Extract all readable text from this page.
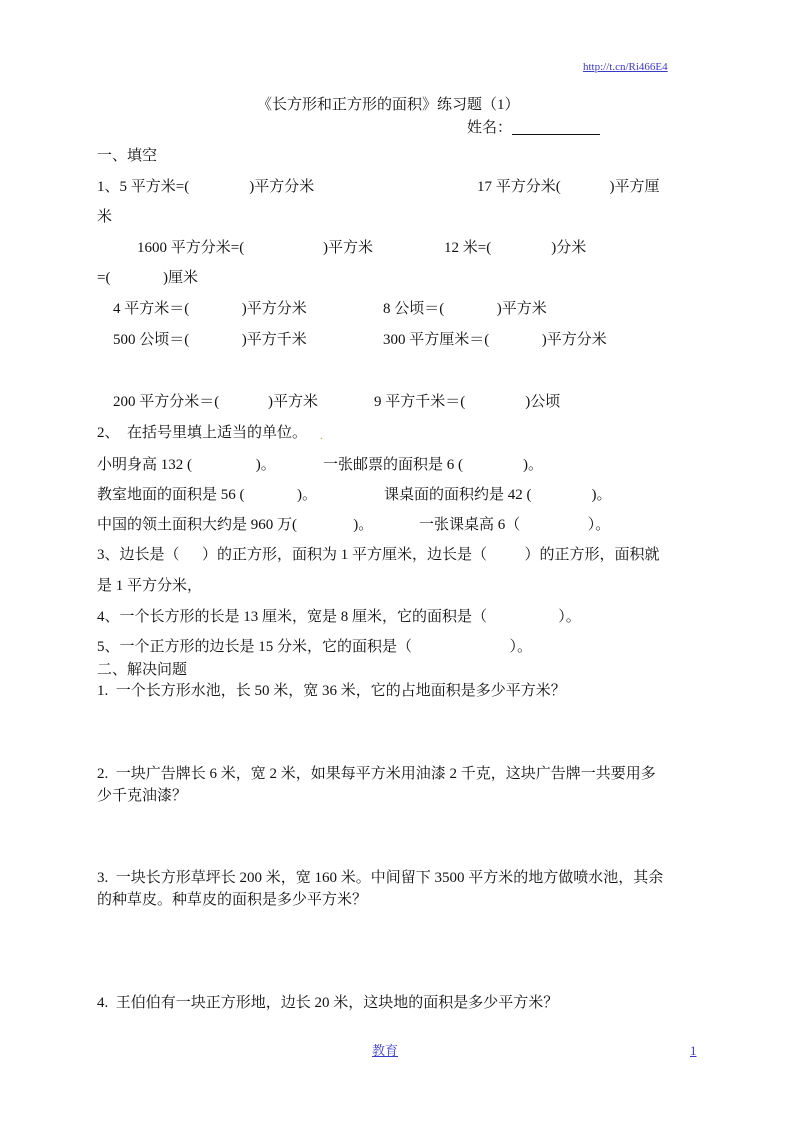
http://t.cn/Ri466E4
《长方形和正方形的面积》练习题（1）
姓名：
一、填空
1、5 平方米=(                )平方分米	17 平方分米(             )平方厘
米
1600 平方分米=(                     )平方米	12 米=(                )分米
=(              )厘米
4 平方米＝(              )平方分米	8 公顷＝(              )平方米
500 公顷＝(              )平方千米	300 平方厘米＝(              )平方分米
200 平方分米＝(             )平方米	9 平方千米＝(                )公顷
2、  在括号里填上适当的单位。 .
小明身高 132 (                 )。	一张邮票的面积是 6 (                )。
教室地面的面积是 56 (              )。	课桌面的面积约是 42 (                )。
中国的领土面积大约是 960 万(               )。	一张课桌高 6（                  ）。
3、边长是（      ）的正方形，面积为 1 平方厘米，边长是（          ）的正方形，面积就
是 1 平方分米，
4、一个长方形的长是 13 厘米，宽是 8 厘米，它的面积是（                   ）。
5、一个正方形的边长是 15 分米，它的面积是（                          ）。
二、解决问题
1.  一个长方形水池，长 50 米，宽 36 米，它的占地面积是多少平方米？
2.  一块广告牌长 6 米，宽 2 米，如果每平方米用油漆 2 千克，这块广告牌一共要用多
少千克油漆？
3.  一块长方形草坪长 200 米，宽 160 米。中间留下 3500 平方米的地方做喷水池，其余
的种草皮。种草皮的面积是多少平方米？
4.  王伯伯有一块正方形地，边长 20 米，这块地的面积是多少平方米？
教育	1
